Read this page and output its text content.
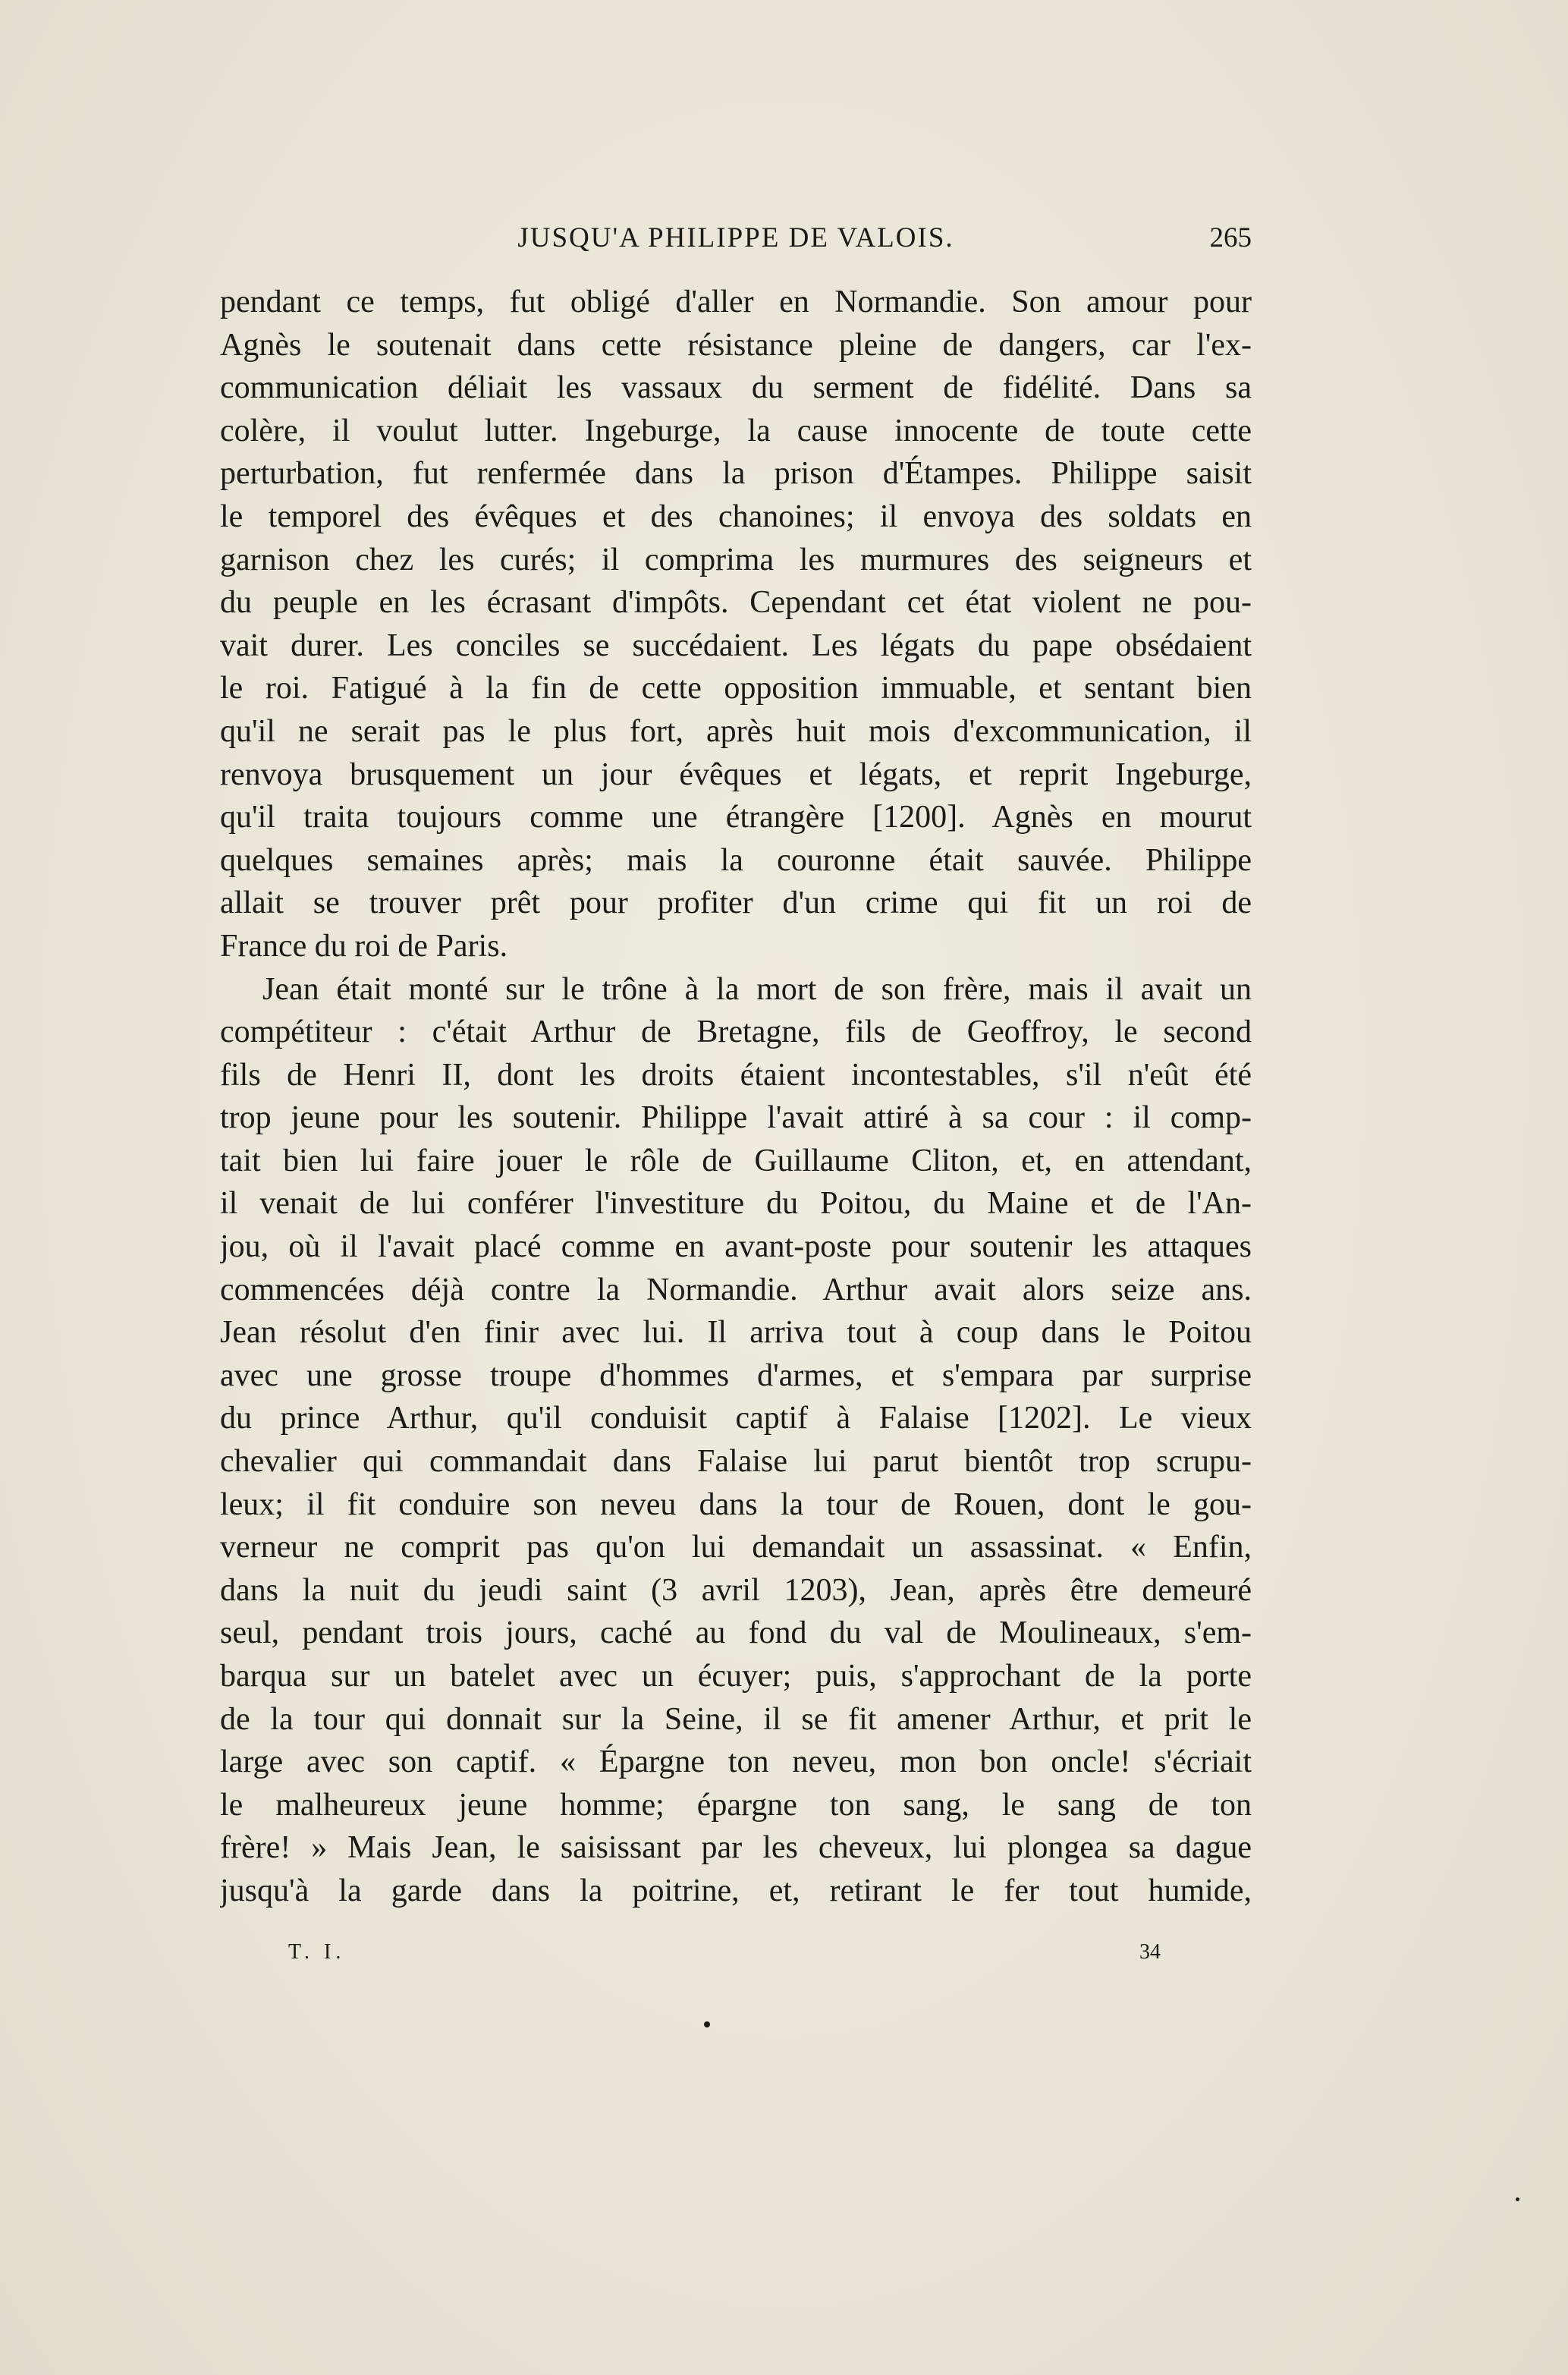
JUSQU'A PHILIPPE DE VALOIS.	265
pendant ce temps, fut obligé d'aller en Normandie. Son amour pour
Agnès le soutenait dans cette résistance pleine de dangers, car l'ex-
communication déliait les vassaux du serment de fidélité. Dans sa
colère, il voulut lutter. Ingeburge, la cause innocente de toute cette
perturbation, fut renfermée dans la prison d'Étampes. Philippe saisit
le temporel des évêques et des chanoines; il envoya des soldats en
garnison chez les curés; il comprima les murmures des seigneurs et
du peuple en les écrasant d'impôts. Cependant cet état violent ne pou-
vait durer. Les conciles se succédaient. Les légats du pape obsédaient
le roi. Fatigué à la fin de cette opposition immuable, et sentant bien
qu'il ne serait pas le plus fort, après huit mois d'excommunication, il
renvoya brusquement un jour évêques et légats, et reprit Ingeburge,
qu'il traita toujours comme une étrangère [1200]. Agnès en mourut
quelques semaines après; mais la couronne était sauvée. Philippe
allait se trouver prêt pour profiter d'un crime qui fit un roi de
France du roi de Paris.
Jean était monté sur le trône à la mort de son frère, mais il avait un
compétiteur : c'était Arthur de Bretagne, fils de Geoffroy, le second
fils de Henri II, dont les droits étaient incontestables, s'il n'eût été
trop jeune pour les soutenir. Philippe l'avait attiré à sa cour : il comp-
tait bien lui faire jouer le rôle de Guillaume Cliton, et, en attendant,
il venait de lui conférer l'investiture du Poitou, du Maine et de l'An-
jou, où il l'avait placé comme en avant-poste pour soutenir les attaques
commencées déjà contre la Normandie. Arthur avait alors seize ans.
Jean résolut d'en finir avec lui. Il arriva tout à coup dans le Poitou
avec une grosse troupe d'hommes d'armes, et s'empara par surprise
du prince Arthur, qu'il conduisit captif à Falaise [1202]. Le vieux
chevalier qui commandait dans Falaise lui parut bientôt trop scrupu-
leux; il fit conduire son neveu dans la tour de Rouen, dont le gou-
verneur ne comprit pas qu'on lui demandait un assassinat. « Enfin,
dans la nuit du jeudi saint (3 avril 1203), Jean, après être demeuré
seul, pendant trois jours, caché au fond du val de Moulineaux, s'em-
barqua sur un batelet avec un écuyer; puis, s'approchant de la porte
de la tour qui donnait sur la Seine, il se fit amener Arthur, et prit le
large avec son captif. « Épargne ton neveu, mon bon oncle! s'écriait
le malheureux jeune homme; épargne ton sang, le sang de ton
frère! » Mais Jean, le saisissant par les cheveux, lui plongea sa dague
jusqu'à la garde dans la poitrine, et, retirant le fer tout humide,
T. I.	34
